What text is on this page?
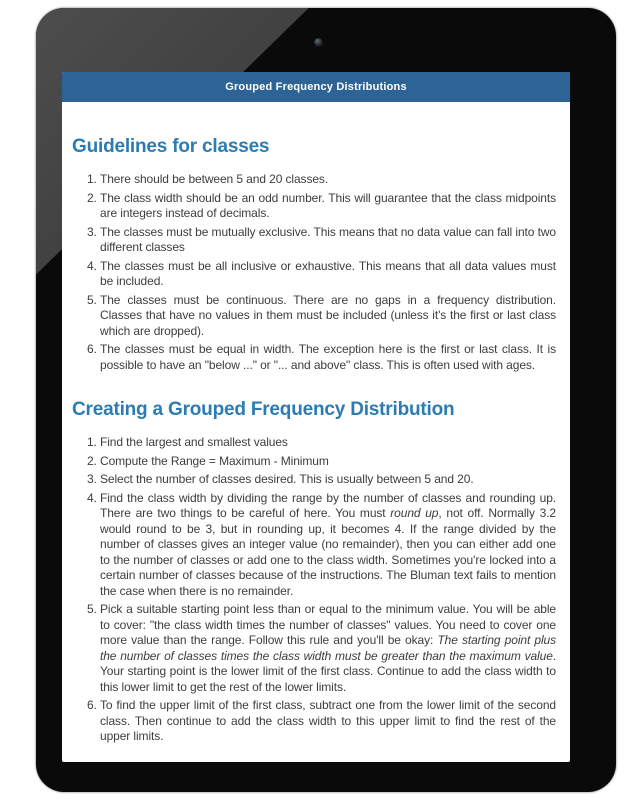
Grouped Frequency Distributions
Guidelines for classes
1. There should be between 5 and 20 classes.
2. The class width should be an odd number. This will guarantee that the class midpoints are integers instead of decimals.
3. The classes must be mutually exclusive. This means that no data value can fall into two different classes
4. The classes must be all inclusive or exhaustive. This means that all data values must be included.
5. The classes must be continuous. There are no gaps in a frequency distribution. Classes that have no values in them must be included (unless it's the first or last class which are dropped).
6. The classes must be equal in width. The exception here is the first or last class. It is possible to have an "below ..." or "... and above" class. This is often used with ages.
Creating a Grouped Frequency Distribution
1. Find the largest and smallest values
2. Compute the Range = Maximum - Minimum
3. Select the number of classes desired. This is usually between 5 and 20.
4. Find the class width by dividing the range by the number of classes and rounding up. There are two things to be careful of here. You must round up, not off. Normally 3.2 would round to be 3, but in rounding up, it becomes 4. If the range divided by the number of classes gives an integer value (no remainder), then you can either add one to the number of classes or add one to the class width. Sometimes you're locked into a certain number of classes because of the instructions. The Bluman text fails to mention the case when there is no remainder.
5. Pick a suitable starting point less than or equal to the minimum value. You will be able to cover: "the class width times the number of classes" values. You need to cover one more value than the range. Follow this rule and you'll be okay: The starting point plus the number of classes times the class width must be greater than the maximum value. Your starting point is the lower limit of the first class. Continue to add the class width to this lower limit to get the rest of the lower limits.
6. To find the upper limit of the first class, subtract one from the lower limit of the second class. Then continue to add the class width to this upper limit to find the rest of the upper limits.
